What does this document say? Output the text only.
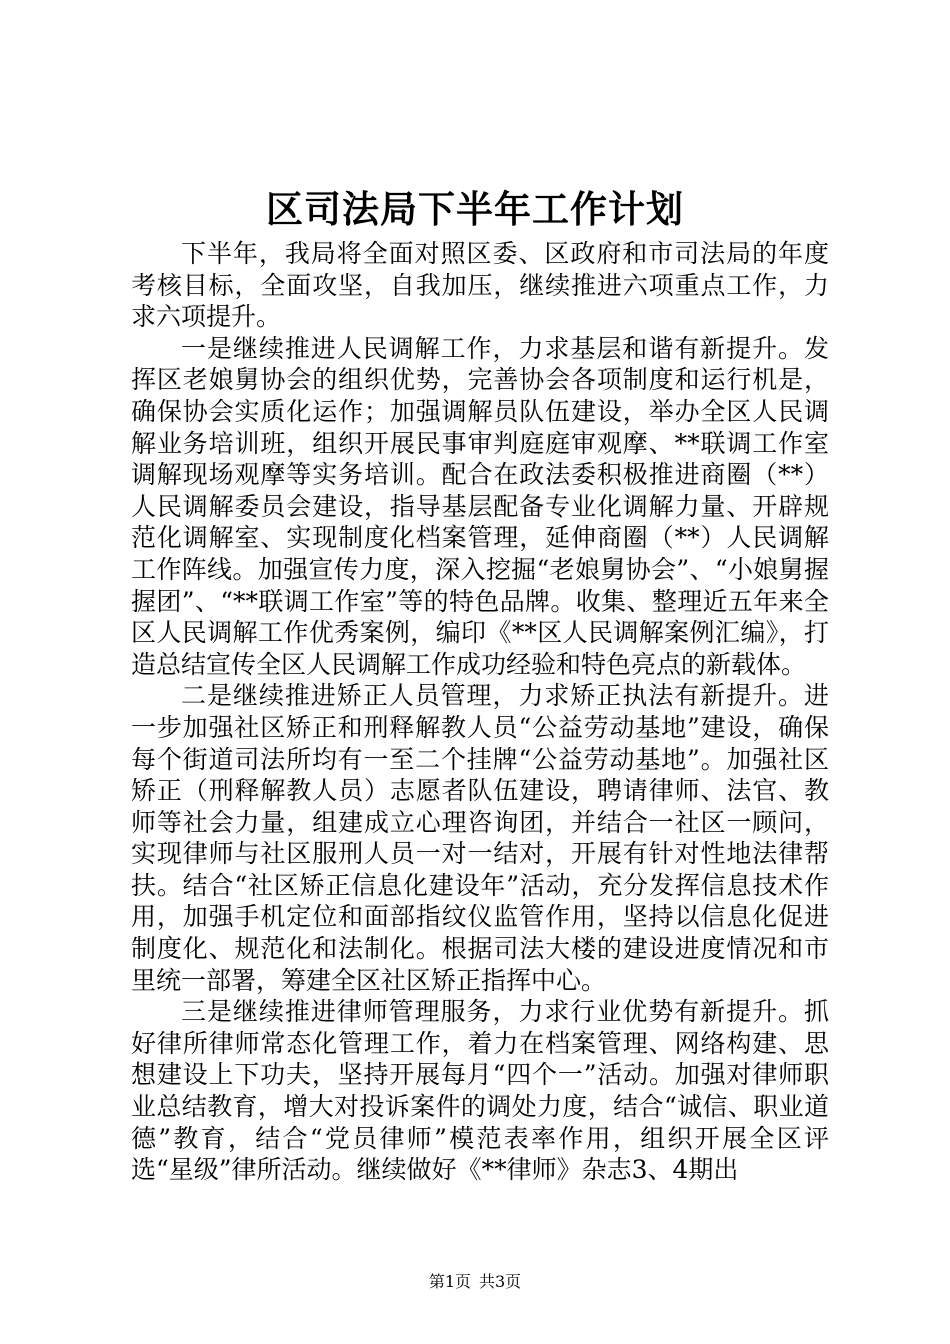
区司法局下半年工作计划

下半年，我局将全面对照区委、区政府和市司法局的年度考核目标，全面攻坚，自我加压，继续推进六项重点工作，力求六项提升。

一是继续推进人民调解工作，力求基层和谐有新提升。发挥区老娘舅协会的组织优势，完善协会各项制度和运行机是，确保协会实质化运作；加强调解员队伍建设，举办全区人民调解业务培训班，组织开展民事审判庭庭审观摩、**联调工作室调解现场观摩等实务培训。配合在政法委积极推进商圈（**）人民调解委员会建设，指导基层配备专业化调解力量、开辟规范化调解室、实现制度化档案管理，延伸商圈（**）人民调解工作阵线。加强宣传力度，深入挖掘“老娘舅协会”、“小娘舅握握团”、“**联调工作室”等的特色品牌。收集、整理近五年来全区人民调解工作优秀案例，编印《**区人民调解案例汇编》，打造总结宣传全区人民调解工作成功经验和特色亮点的新载体。

二是继续推进矫正人员管理，力求矫正执法有新提升。进一步加强社区矫正和刑释解教人员“公益劳动基地”建设，确保每个街道司法所均有一至二个挂牌“公益劳动基地”。加强社区矫正（刑释解教人员）志愿者队伍建设，聘请律师、法官、教师等社会力量，组建成立心理咨询团，并结合一社区一顾问，实现律师与社区服刑人员一对一结对，开展有针对性地法律帮扶。结合“社区矫正信息化建设年”活动，充分发挥信息技术作用，加强手机定位和面部指纹仪监管作用，坚持以信息化促进制度化、规范化和法制化。根据司法大楼的建设进度情况和市里统一部署，筹建全区社区矫正指挥中心。

三是继续推进律师管理服务，力求行业优势有新提升。抓好律所律师常态化管理工作，着力在档案管理、网络构建、思想建设上下功夫，坚持开展每月“四个一”活动。加强对律师职业总结教育，增大对投诉案件的调处力度，结合“诚信、职业道德”教育，结合“党员律师”模范表率作用，组织开展全区评选“星级”律所活动。继续做好《**律师》杂志3、4期出

第1页 共3页
